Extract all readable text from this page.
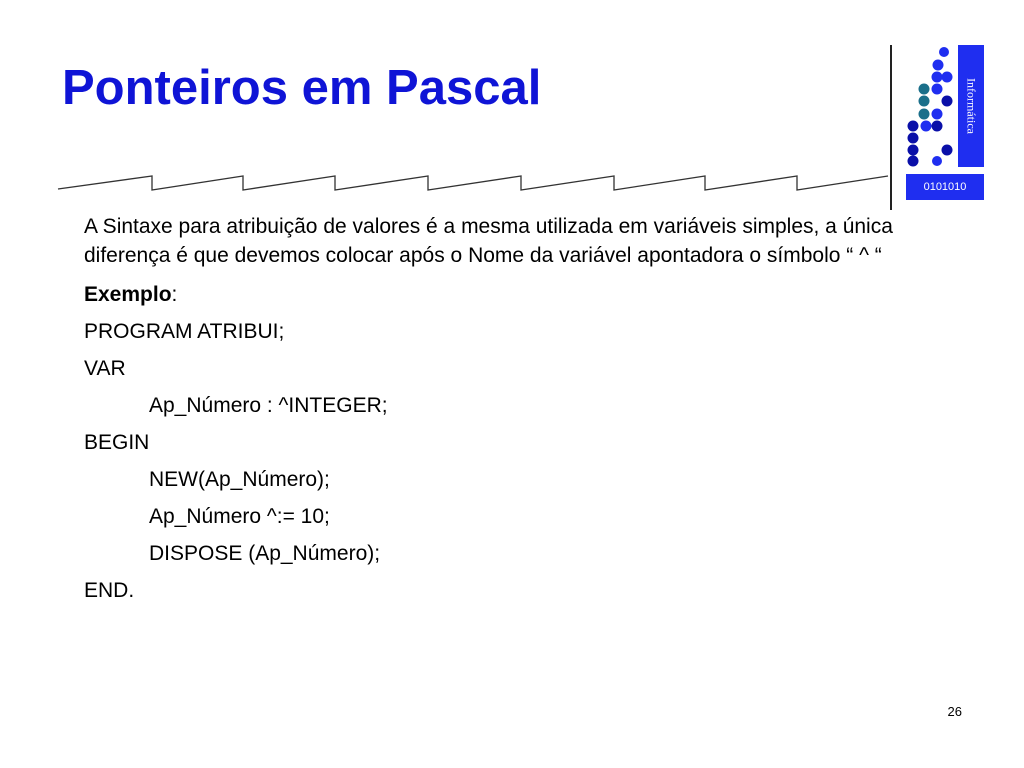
Ponteiros em Pascal	Informática
0101010

A Sintaxe para atribuição de valores é a mesma utilizada em variáveis simples, a única diferença é que devemos colocar após o Nome da variável apontadora o símbolo “ ^ “

Exemplo:

PROGRAM ATRIBUI;

VAR

Ap_Número : ^INTEGER;

BEGIN

NEW(Ap_Número);

Ap_Número ^:= 10;

DISPOSE (Ap_Número);

END.

26
